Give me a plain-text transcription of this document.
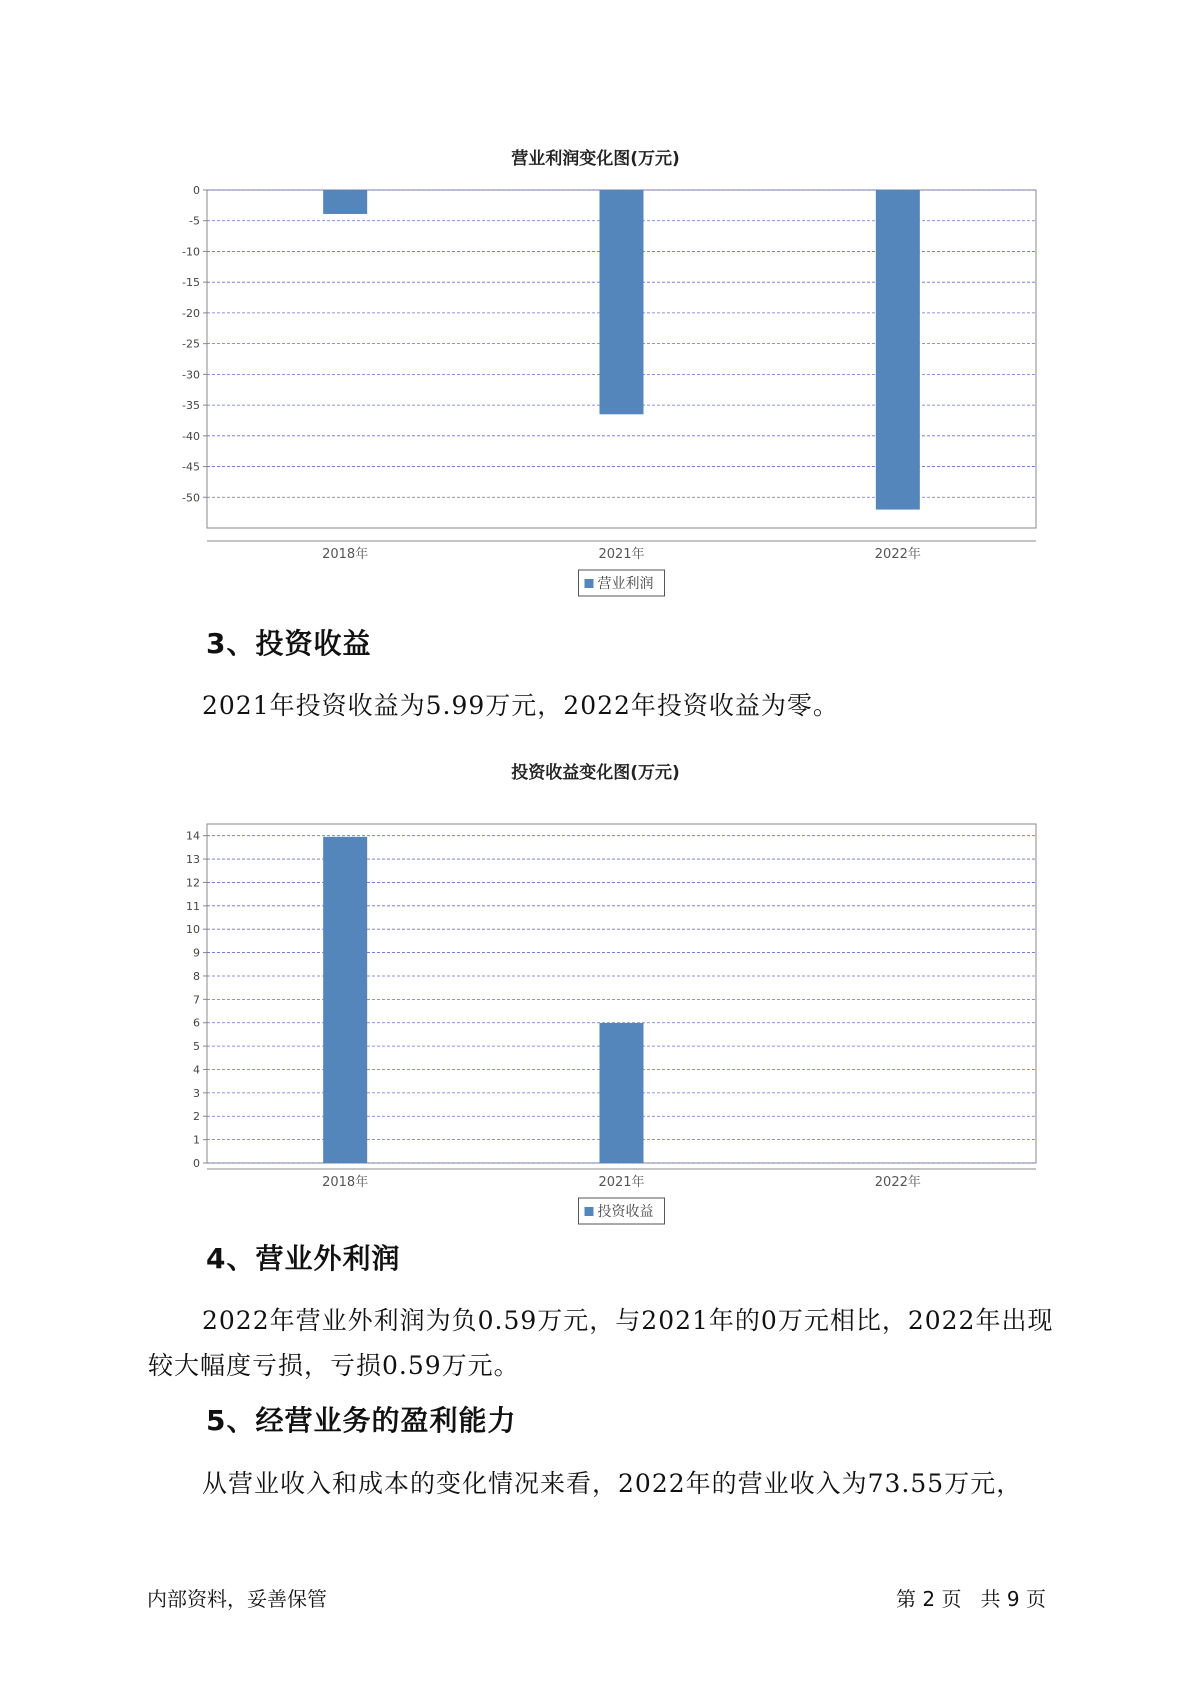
营业利润变化图(万元)
0
-5
-10
-15
-20
-25
-30
-35
-40
-45
-50
2018年	2021年	2022年
营业利润
3、投资收益

2021年投资收益为5.99万元，2022年投资收益为零。

投资收益变化图(万元)
0
1
2
3
4
5
6
7
8
9
10
11
12
13
14
2018年	2021年	2022年
投资收益
4、营业外利润

2022年营业外利润为负0.59万元，与2021年的0万元相比，2022年出现较大幅度亏损，亏损0.59万元。

5、经营业务的盈利能力

从营业收入和成本的变化情况来看，2022年的营业收入为73.55万元，

内部资料，妥善保管	第 2 页   共 9 页
